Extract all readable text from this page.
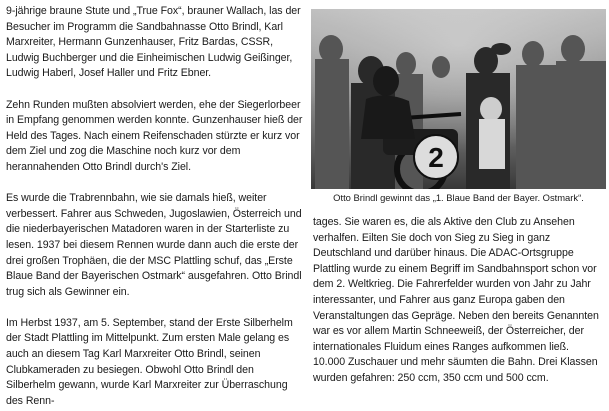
9-jährige braune Stute und „True Fox“, brauner Wallach, las der Besucher im Programm die Sandbahnasse Otto Brindl, Karl Marxreiter, Hermann Gunzenhauser, Fritz Bardas, CSSR, Ludwig Buchberger und die Einheimischen Ludwig Geißinger, Ludwig Haberl, Josef Haller und Fritz Ebner.

Zehn Runden mußten absolviert werden, ehe der Siegerlorbeer in Empfang genommen werden konnte. Gunzenhauser hieß der Held des Tages. Nach einem Reifenschaden stürzte er kurz vor dem Ziel und zog die Maschine noch kurz vor dem herannahenden Otto Brindl durch's Ziel.

Es wurde die Trabrennbahn, wie sie damals hieß, weiter verbessert. Fahrer aus Schweden, Jugoslawien, Österreich und die niederbayerischen Matadoren waren in der Starterliste zu lesen. 1937 bei diesem Rennen wurde dann auch die erste der drei großen Trophäen, die der MSC Plattling schuf, das „Erste Blaue Band der Bayerischen Ostmark“ ausgefahren. Otto Brindl trug sich als Gewinner ein.

Im Herbst 1937, am 5. September, stand der Erste Silberhelm der Stadt Plattling im Mittelpunkt. Zum ersten Male gelang es auch an diesem Tag Karl Marxreiter Otto Brindl, seinen Clubkameraden zu besiegen. Obwohl Otto Brindl den Silberhelm gewann, wurde Karl Marxreiter zur Überraschung des Renn-

2
Otto Brindl gewinnt das „1. Blaue Band der Bayer. Ostmark“.

tages. Sie waren es, die als Aktive den Club zu Ansehen verhalfen. Eilten Sie doch von Sieg zu Sieg in ganz Deutschland und darüber hinaus. Die ADAC-Ortsgruppe Plattling wurde zu einem Begriff im Sandbahnsport schon vor dem 2. Weltkrieg. Die Fahrerfelder wurden von Jahr zu Jahr interessanter, und Fahrer aus ganz Europa gaben den Veranstaltungen das Gepräge. Neben den bereits Genannten war es vor allem Martin Schneeweiß, der Österreicher, der internationales Fluidum eines Ranges aufkommen ließ. 10.000 Zuschauer und mehr säumten die Bahn. Drei Klassen wurden gefahren: 250 ccm, 350 ccm und 500 ccm.
